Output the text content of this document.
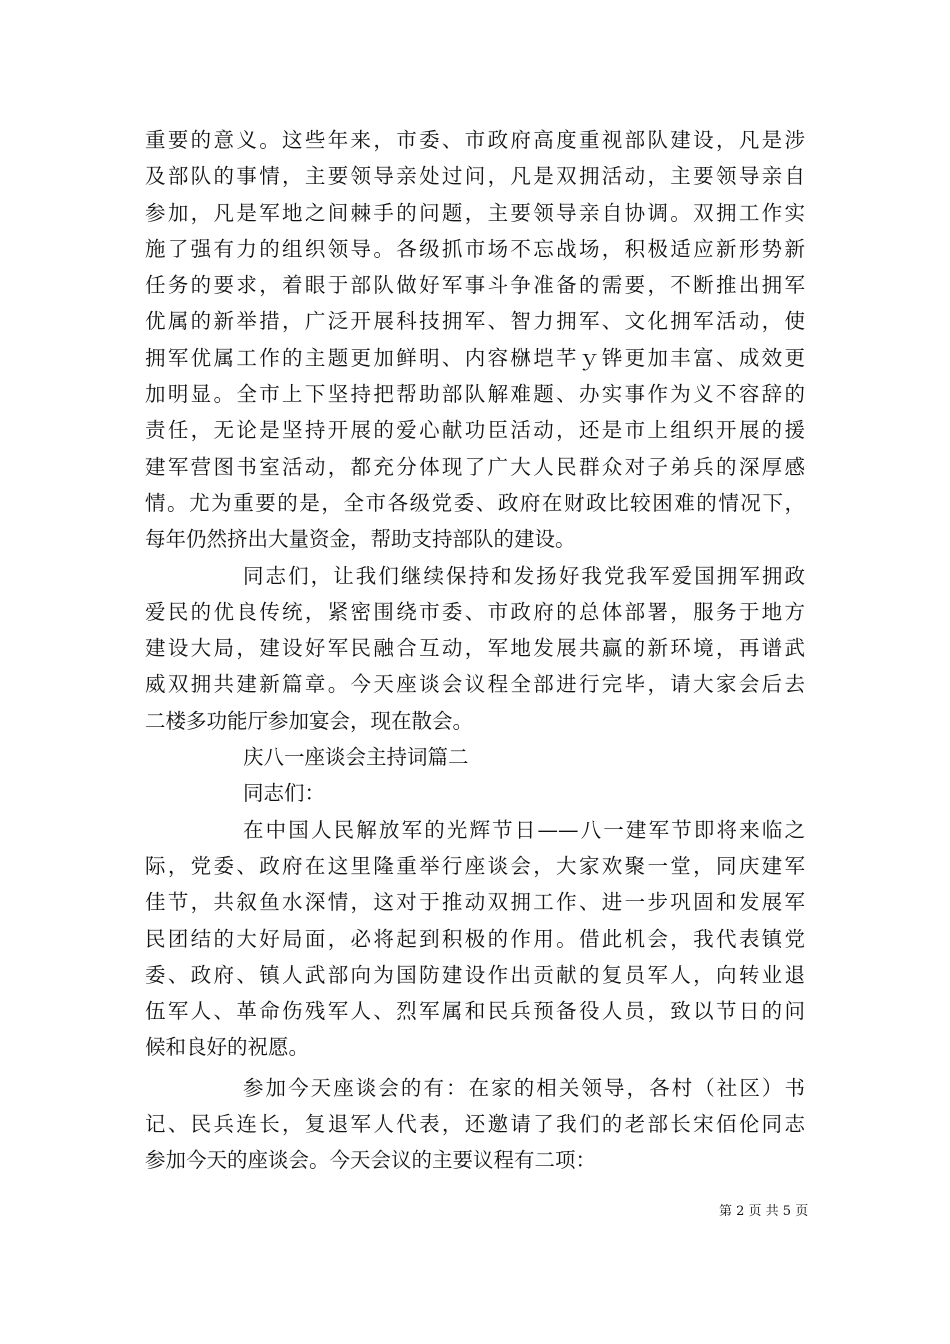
重要的意义。这些年来，市委、市政府高度重视部队建设，凡是涉
及部队的事情，主要领导亲处过问，凡是双拥活动，主要领导亲自
参加，凡是军地之间棘手的问题，主要领导亲自协调。双拥工作实
施了强有力的组织领导。各级抓市场不忘战场，积极适应新形势新
任务的要求，着眼于部队做好军事斗争准备的需要，不断推出拥军
优属的新举措，广泛开展科技拥军、智力拥军、文化拥军活动，使
拥军优属工作的主题更加鲜明、内容椕垲芊ｙ铧更加丰富、成效更
加明显。全市上下坚持把帮助部队解难题、办实事作为义不容辞的
责任，无论是坚持开展的爱心献功臣活动，还是市上组织开展的援
建军营图书室活动，都充分体现了广大人民群众对子弟兵的深厚感
情。尤为重要的是，全市各级党委、政府在财政比较困难的情况下，
每年仍然挤出大量资金，帮助支持部队的建设。
同志们，让我们继续保持和发扬好我党我军爱国拥军拥政
爱民的优良传统，紧密围绕市委、市政府的总体部署，服务于地方
建设大局，建设好军民融合互动，军地发展共赢的新环境，再谱武
威双拥共建新篇章。今天座谈会议程全部进行完毕，请大家会后去
二楼多功能厅参加宴会，现在散会。
庆八一座谈会主持词篇二
同志们：
在中国人民解放军的光辉节日——八一建军节即将来临之
际，党委、政府在这里隆重举行座谈会，大家欢聚一堂，同庆建军
佳节，共叙鱼水深情，这对于推动双拥工作、进一步巩固和发展军
民团结的大好局面，必将起到积极的作用。借此机会，我代表镇党
委、政府、镇人武部向为国防建设作出贡献的复员军人，向转业退
伍军人、革命伤残军人、烈军属和民兵预备役人员，致以节日的问
候和良好的祝愿。
参加今天座谈会的有：在家的相关领导，各村（社区）书
记、民兵连长，复退军人代表，还邀请了我们的老部长宋佰伦同志
参加今天的座谈会。今天会议的主要议程有二项：
第 2 页 共 5 页
